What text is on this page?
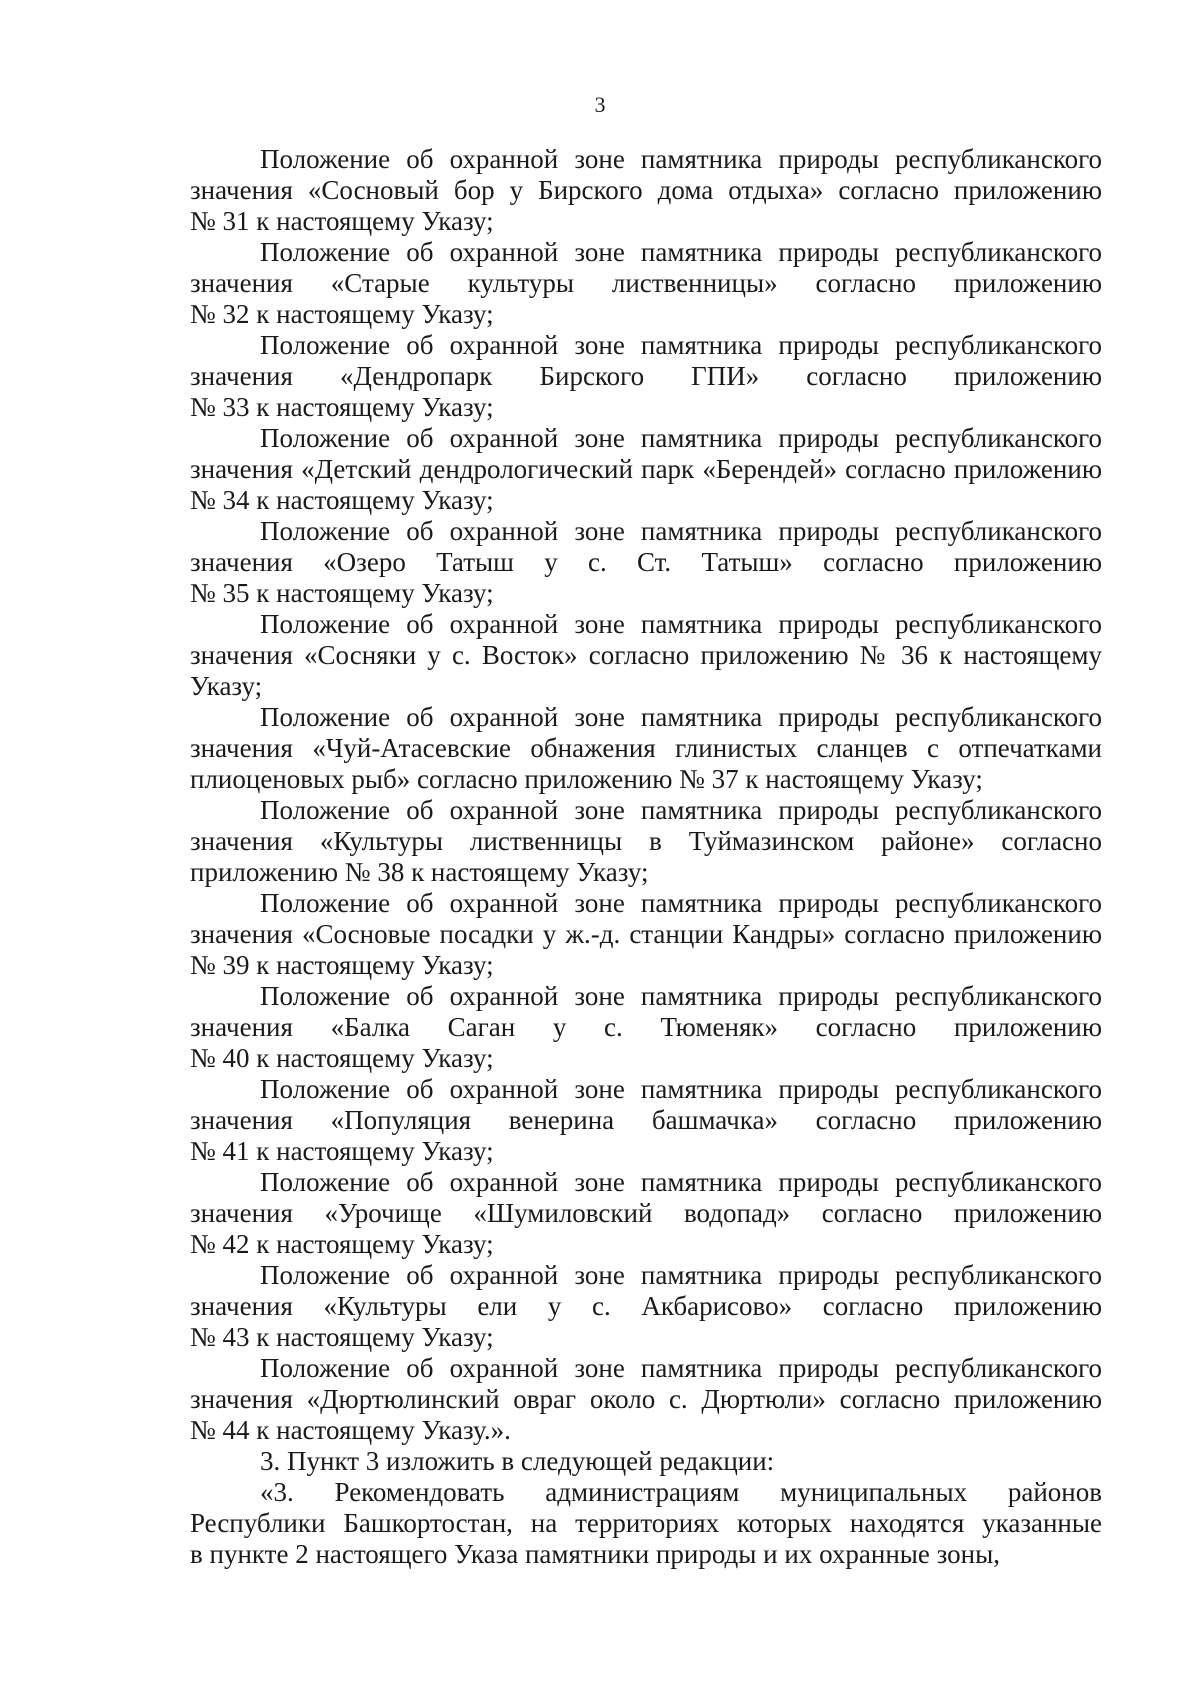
3
Положение об охранной зоне памятника природы республиканского
значения «Сосновый бор у Бирского дома отдыха» согласно приложению
№ 31 к настоящему Указу;
Положение об охранной зоне памятника природы республиканского
значения «Старые культуры лиственницы» согласно приложению
№ 32 к настоящему Указу;
Положение об охранной зоне памятника природы республиканского
значения «Дендропарк Бирского ГПИ» согласно приложению
№ 33 к настоящему Указу;
Положение об охранной зоне памятника природы республиканского
значения «Детский дендрологический парк «Берендей» согласно приложению
№ 34 к настоящему Указу;
Положение об охранной зоне памятника природы республиканского
значения «Озеро Татыш у с. Ст. Татыш» согласно приложению
№ 35 к настоящему Указу;
Положение об охранной зоне памятника природы республиканского
значения «Сосняки у с. Восток» согласно приложению № 36 к настоящему
Указу;
Положение об охранной зоне памятника природы республиканского
значения «Чуй-Атасевские обнажения глинистых сланцев с отпечатками
плиоценовых рыб» согласно приложению № 37 к настоящему Указу;
Положение об охранной зоне памятника природы республиканского
значения «Культуры лиственницы в Туймазинском районе» согласно
приложению № 38 к настоящему Указу;
Положение об охранной зоне памятника природы республиканского
значения «Сосновые посадки у ж.-д. станции Кандры» согласно приложению
№ 39 к настоящему Указу;
Положение об охранной зоне памятника природы республиканского
значения «Балка Саган у с. Тюменяк» согласно приложению
№ 40 к настоящему Указу;
Положение об охранной зоне памятника природы республиканского
значения «Популяция венерина башмачка» согласно приложению
№ 41 к настоящему Указу;
Положение об охранной зоне памятника природы республиканского
значения «Урочище «Шумиловский водопад» согласно приложению
№ 42 к настоящему Указу;
Положение об охранной зоне памятника природы республиканского
значения «Культуры ели у с. Акбарисово» согласно приложению
№ 43 к настоящему Указу;
Положение об охранной зоне памятника природы республиканского
значения «Дюртюлинский овраг около с. Дюртюли» согласно приложению
№ 44 к настоящему Указу.».
3. Пункт 3 изложить в следующей редакции:
«3. Рекомендовать администрациям муниципальных районов
Республики Башкортостан, на территориях которых находятся указанные
в пункте 2 настоящего Указа памятники природы и их охранные зоны,
